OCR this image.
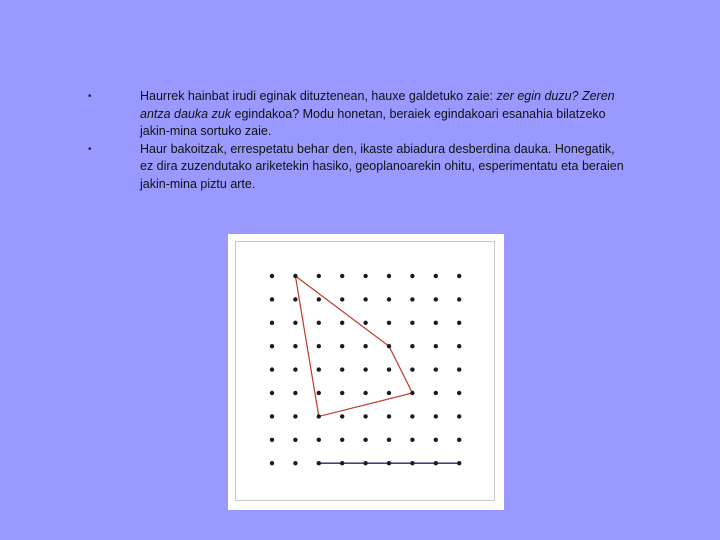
•	Haurrek hainbat irudi eginak dituztenean, hauxe galdetuko zaie: zer egin duzu? Zeren antza dauka zuk egindakoa? Modu honetan, beraiek egindakoari esanahia bilatzeko jakin-mina sortuko zaie.
•	Haur bakoitzak, errespetatu behar den, ikaste abiadura desberdina dauka. Honegatik, ez dira zuzendutako ariketekin hasiko, geoplanoarekin ohitu, esperimentatu eta beraien jakin-mina piztu arte.
